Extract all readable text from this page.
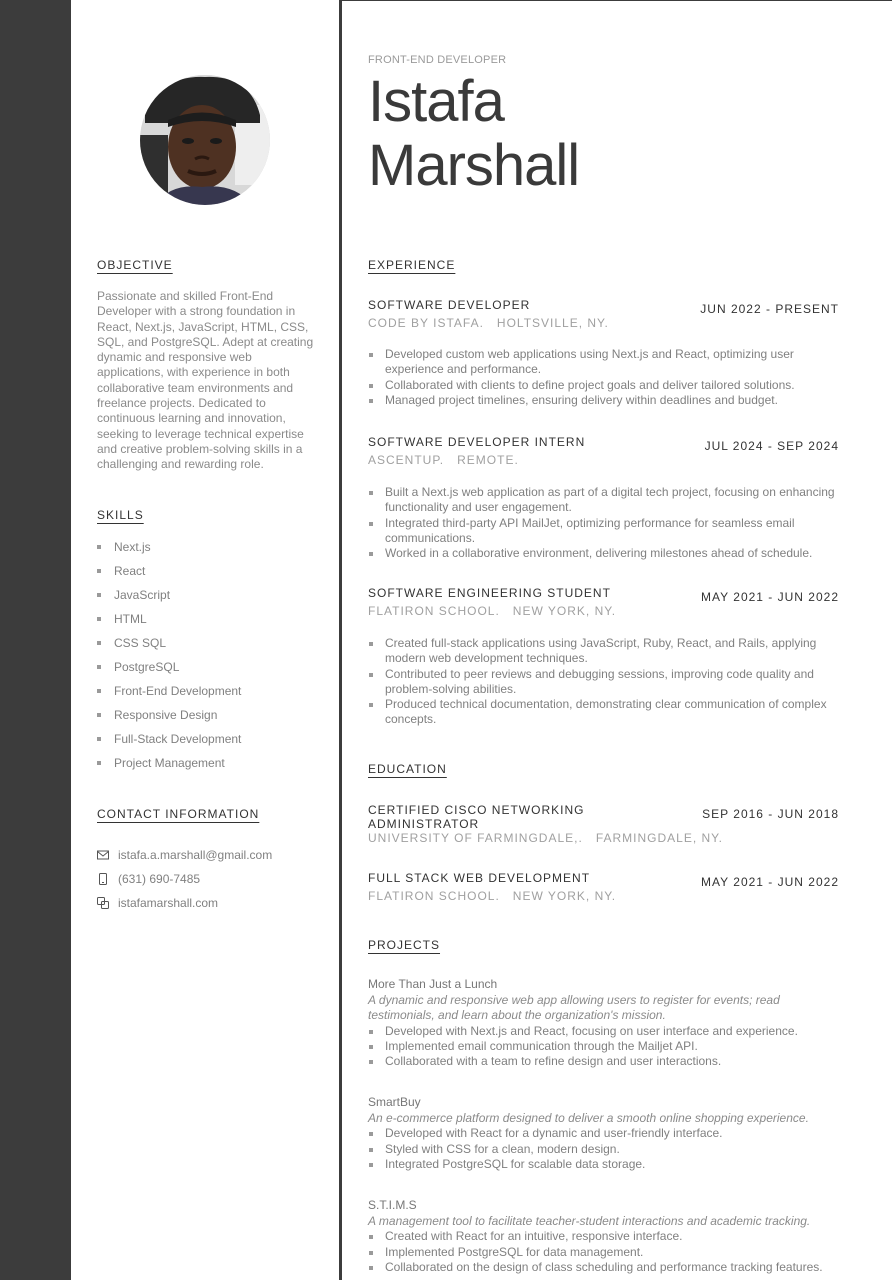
OBJECTIVE

Passionate and skilled Front-End Developer with a strong foundation in React, Next.js, JavaScript, HTML, CSS, SQL, and PostgreSQL. Adept at creating dynamic and responsive web applications, with experience in both collaborative team environments and freelance projects. Dedicated to continuous learning and innovation, seeking to leverage technical expertise and creative problem-solving skills in a challenging and rewarding role.

SKILLS

Next.js
React
JavaScript
HTML
CSS SQL
PostgreSQL
Front-End Development
Responsive Design
Full-Stack Development
Project Management

CONTACT INFORMATION

istafa.a.marshall@gmail.com
(631) 690-7485
istafamarshall.com
FRONT-END DEVELOPER
Istafa
Marshall

EXPERIENCE

SOFTWARE DEVELOPER
CODE BY ISTAFA.   HOLTSVILLE, NY.
JUN 2022 - PRESENT
Developed custom web applications using Next.js and React, optimizing user experience and performance.
Collaborated with clients to define project goals and deliver tailored solutions.
Managed project timelines, ensuring delivery within deadlines and budget.
SOFTWARE DEVELOPER INTERN
ASCENTUP.   REMOTE.
JUL 2024 - SEP 2024
Built a Next.js web application as part of a digital tech project, focusing on enhancing functionality and user engagement.
Integrated third-party API MailJet, optimizing performance for seamless email communications.
Worked in a collaborative environment, delivering milestones ahead of schedule.
SOFTWARE ENGINEERING STUDENT
FLATIRON SCHOOL.   NEW YORK, NY.
MAY 2021 - JUN 2022
Created full-stack applications using JavaScript, Ruby, React, and Rails, applying modern web development techniques.
Contributed to peer reviews and debugging sessions, improving code quality and problem-solving abilities.
Produced technical documentation, demonstrating clear communication of complex concepts.

EDUCATION

CERTIFIED CISCO NETWORKING ADMINISTRATOR
UNIVERSITY OF FARMINGDALE,.   FARMINGDALE, NY.
SEP 2016 - JUN 2018
FULL STACK WEB DEVELOPMENT
FLATIRON SCHOOL.   NEW YORK, NY.
MAY 2021 - JUN 2022

PROJECTS

More Than Just a Lunch
A dynamic and responsive web app allowing users to register for events; read testimonials, and learn about the organization's mission.
Developed with Next.js and React, focusing on user interface and experience.
Implemented email communication through the Mailjet API.
Collaborated with a team to refine design and user interactions.
SmartBuy
An e-commerce platform designed to deliver a smooth online shopping experience.
Developed with React for a dynamic and user-friendly interface.
Styled with CSS for a clean, modern design.
Integrated PostgreSQL for scalable data storage.
S.T.I.M.S
A management tool to facilitate teacher-student interactions and academic tracking.
Created with React for an intuitive, responsive interface.
Implemented PostgreSQL for data management.
Collaborated on the design of class scheduling and performance tracking features.
